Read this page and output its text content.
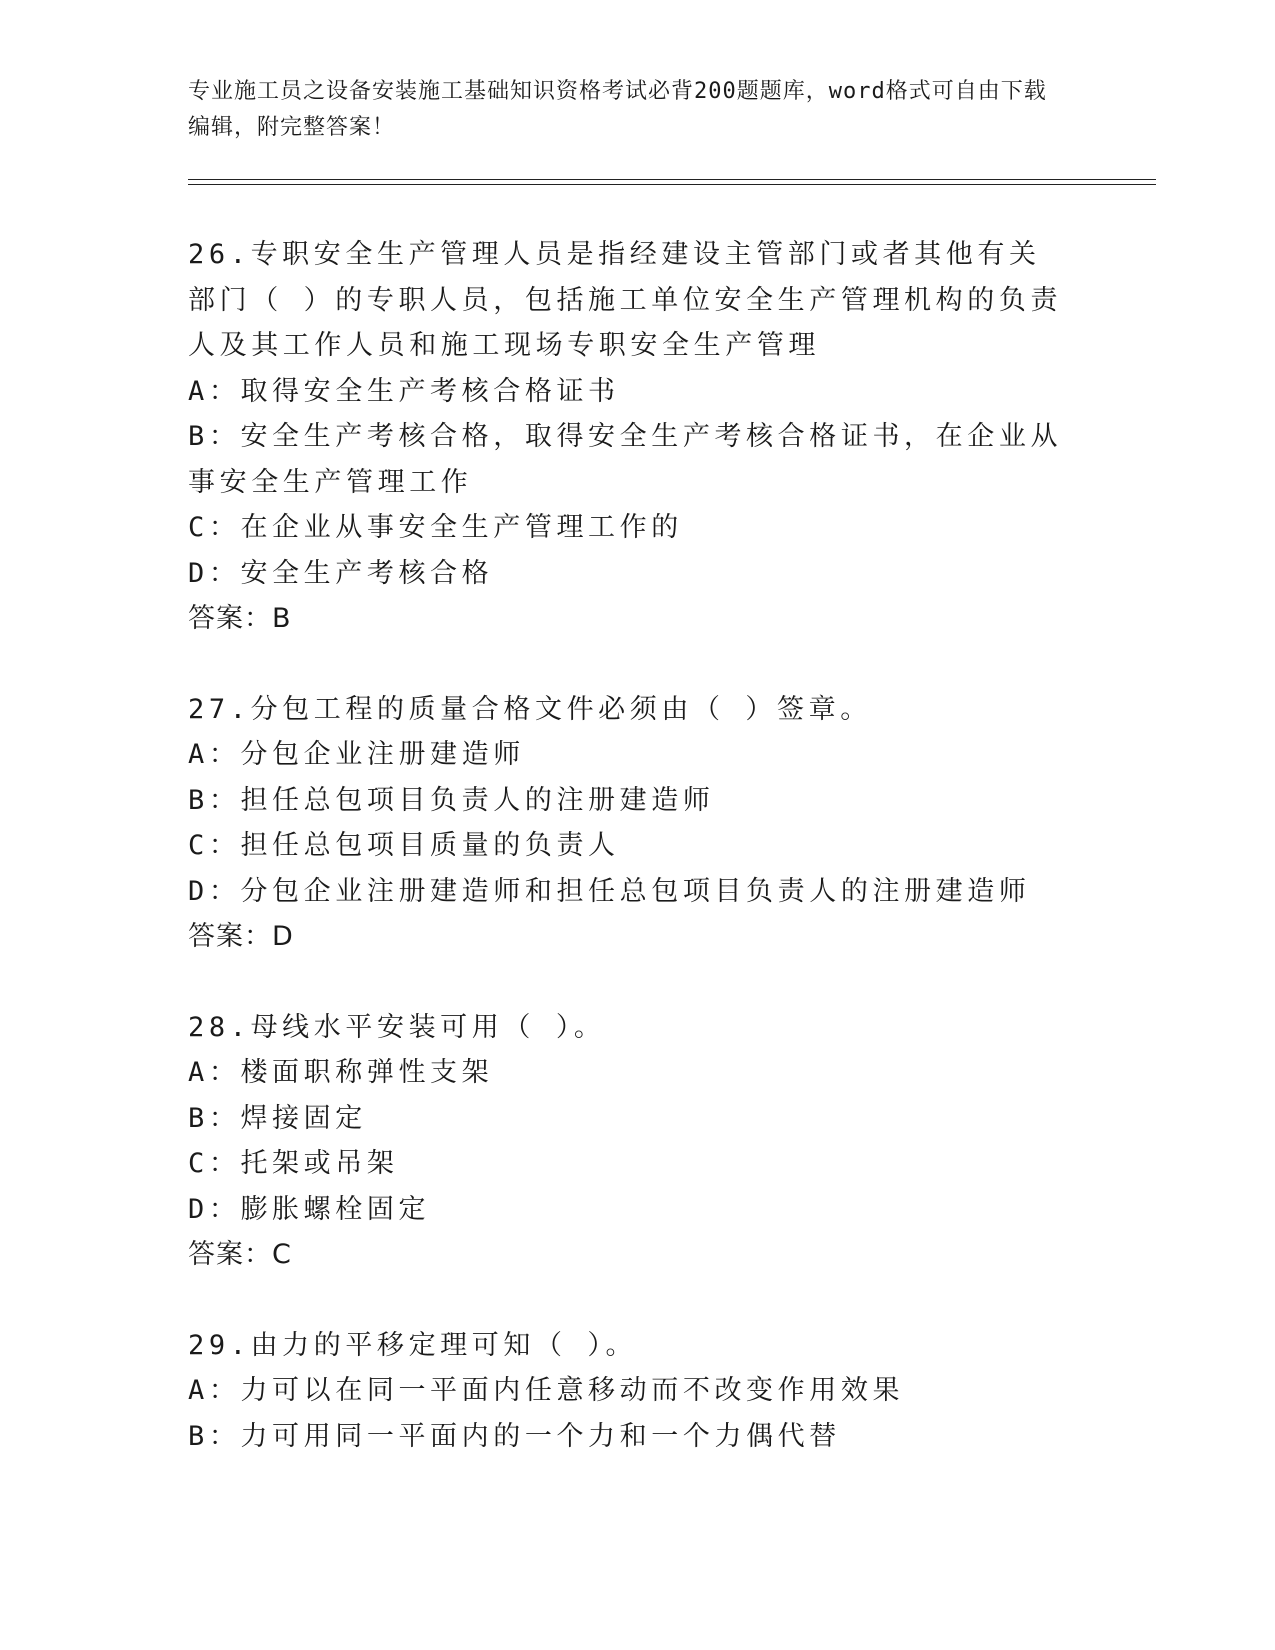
专业施工员之设备安装施工基础知识资格考试必背200题题库，word格式可自由下载编辑，附完整答案！
26.专职安全生产管理人员是指经建设主管部门或者其他有关部门（ ）的专职人员，包括施工单位安全生产管理机构的负责人及其工作人员和施工现场专职安全生产管理
A：取得安全生产考核合格证书
B：安全生产考核合格，取得安全生产考核合格证书，在企业从事安全生产管理工作
C：在企业从事安全生产管理工作的
D：安全生产考核合格
答案：B
27.分包工程的质量合格文件必须由（ ）签章。
A：分包企业注册建造师
B：担任总包项目负责人的注册建造师
C：担任总包项目质量的负责人
D：分包企业注册建造师和担任总包项目负责人的注册建造师
答案：D
28.母线水平安装可用（ ）。
A：楼面职称弹性支架
B：焊接固定
C：托架或吊架
D：膨胀螺栓固定
答案：C
29.由力的平移定理可知（ ）。
A：力可以在同一平面内任意移动而不改变作用效果
B：力可用同一平面内的一个力和一个力偶代替
